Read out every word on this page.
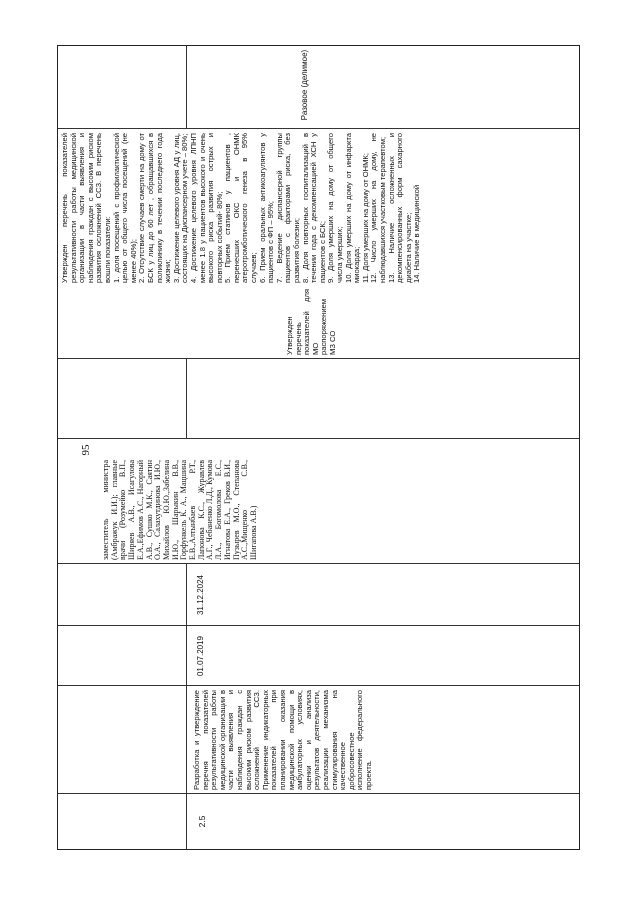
95
2.5
Разработка и утверждение перечня показателей результативности работы медицинской организации в части выявления и наблюдения граждан с высоким риском развития осложнений ССЗ. Применение индикаторных показателей при планировании оказания медицинской помощи в амбулаторных условиях, оценки и анализа результатов деятельности, реализации механизма стимулирования на качественное добросовестное исполнение федерального проекта.
01.07.2019
31.12.2024
заместитель министра (Амбражук И.И.); главные врачи (Розумейко В.П., Ширяев А.В., Исагулова Е.А.,Ефимов А.С., Нагорный А.В., Сушко М.К., Саятин О.А., Салахутдинова И.Ю., Михайлов Ю.Ю.,Забелина И.Ю., Шарыкин В.В., Горфункель К. А., Мацшина Е.В.,Алтынбаев Р.Т., Лапонова К.С., Журавлев А.Г., Чебаненко Л.Д., Кумова Л.А., Богомолова Е.С., Игнатова Е.А., Греков В.И., Пузырев М.О., Степанова А.С.,Мищенко С.В., Шигапова А.В.)
Утвержден перечень показателей для МО распоряжением МЗ СО

Утвержден перечень показателей результативности работы медицинской организации в части выявления и наблюдения граждан с высоким риском развития осложнений ССЗ. В перечень вошли показатели: 1. доля посещений с профилактической целью от общего числа посещений (не менее 40%); 2. Отсутствие случаев смерти на дому от БСК у лиц до 60 лет , обращавшихся в поликлинику в течении последнего года жизни; 3. Достижение целевого уровня АД у лиц, состоящих на Диспансерном учете – 80%; 4. Достижение целевого уровня ЛПНП менее 1.8 у пациентов высокого и очень высокого риска развития острых и повторных событий- 80%; 5. Прием статинов у пациентов , перенесших ОКС и ОНМК атеротромботического генеза в 95% случаев; 6. Прием оральных антикоагулянтов у пациентов с ФП – 95%; 7. Ведение диспансерной группы пациентов с факторами риска, без развития болезни; 8. Доля повторных госпитализаций в течении года с декомпенсацией ХСН у пациентов с БСК; 9. Доля умерших на дому от общего числа умерших; 10. Доля умерших на дому от инфаркта миокарда; 11. Доля умерших на дому от ОНМК; 12. Число умерших на дому, не наблюдавшихся участковым терапевтом; 13. Наличие осложненных и декомпенсированных форм сахарного диабета на участке; 14. Наличие в медицинской

Разовое (делимое)
